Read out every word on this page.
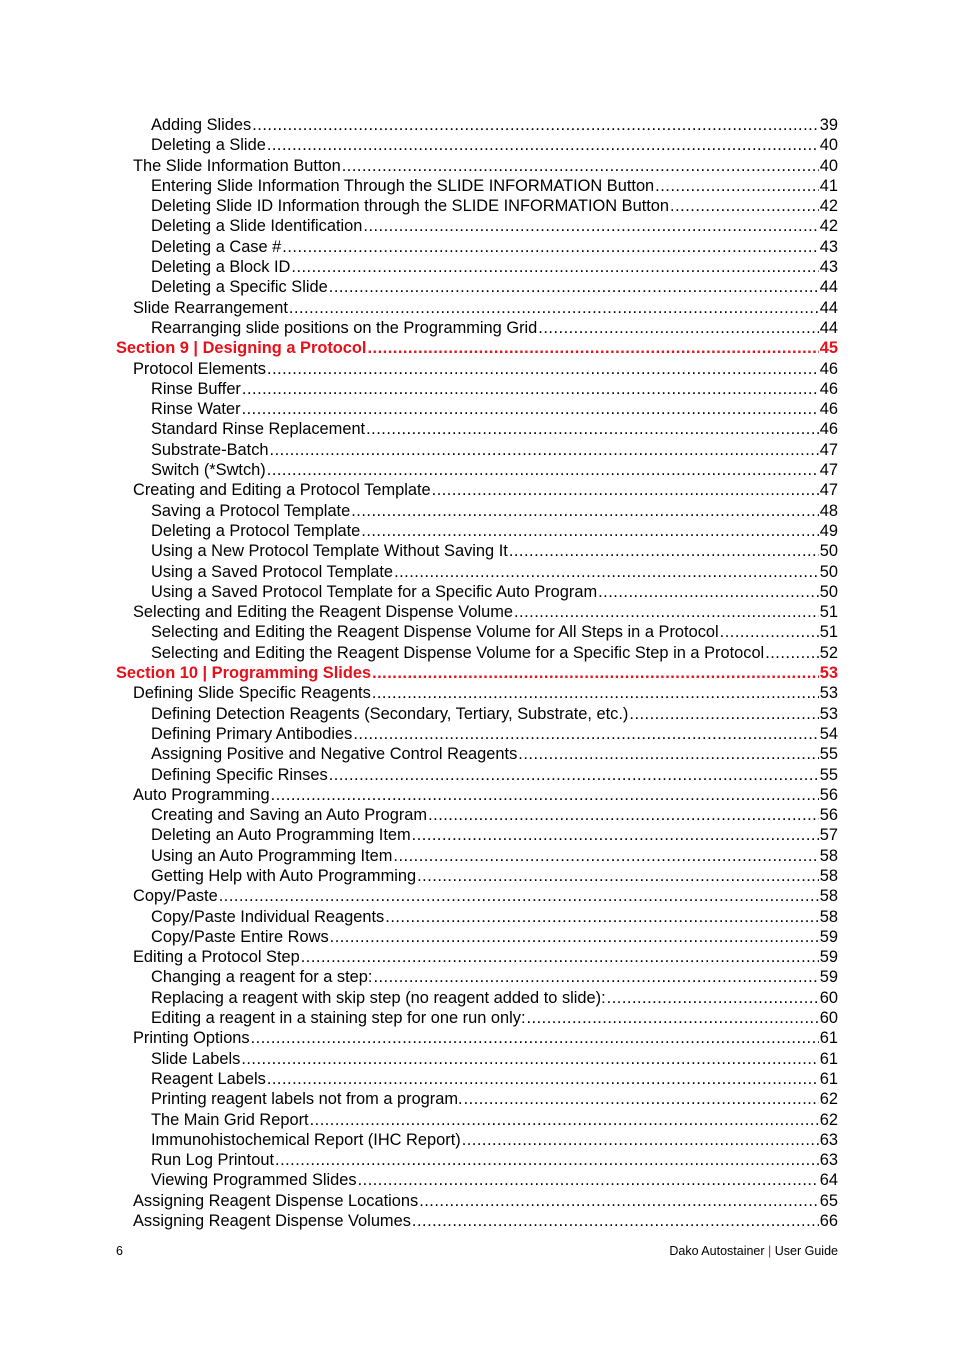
Adding Slides .....	39
Deleting a Slide .....	40
The Slide Information Button .....	40
Entering Slide Information Through the SLIDE INFORMATION Button .....	41
Deleting Slide ID Information through the SLIDE INFORMATION Button .....	42
Deleting a Slide Identification .....	42
Deleting a Case # .....	43
Deleting a Block ID .....	43
Deleting a Specific Slide .....	44
Slide Rearrangement .....	44
Rearranging slide positions on the Programming Grid .....	44
Section 9 | Designing a Protocol .....	45
Protocol Elements .....	46
Rinse Buffer .....	46
Rinse Water .....	46
Standard Rinse Replacement .....	46
Substrate-Batch .....	47
Switch (*Swtch) .....	47
Creating and Editing a Protocol Template .....	47
Saving a Protocol Template .....	48
Deleting a Protocol Template .....	49
Using a New Protocol Template Without Saving It .....	50
Using a Saved Protocol Template .....	50
Using a Saved Protocol Template for a Specific Auto Program .....	50
Selecting and Editing the Reagent Dispense Volume .....	51
Selecting and Editing the Reagent Dispense Volume for All Steps in a Protocol .....	51
Selecting and Editing the Reagent Dispense Volume for a Specific Step in a Protocol .....	52
Section 10 | Programming Slides .....	53
Defining Slide Specific Reagents .....	53
Defining Detection Reagents (Secondary, Tertiary, Substrate, etc.) .....	53
Defining Primary Antibodies .....	54
Assigning Positive and Negative Control Reagents .....	55
Defining Specific Rinses .....	55
Auto Programming .....	56
Creating and Saving an Auto Program .....	56
Deleting an Auto Programming Item .....	57
Using an Auto Programming Item .....	58
Getting Help with Auto Programming .....	58
Copy/Paste .....	58
Copy/Paste Individual Reagents .....	58
Copy/Paste Entire Rows .....	59
Editing a Protocol Step .....	59
Changing a reagent for a step: .....	59
Replacing a reagent with skip step (no reagent added to slide): .....	60
Editing a reagent in a staining step for one run only: .....	60
Printing Options .....	61
Slide Labels .....	61
Reagent Labels .....	61
Printing reagent labels not from a program. .....	62
The Main Grid Report .....	62
Immunohistochemical Report (IHC Report) .....	63
Run Log Printout .....	63
Viewing Programmed Slides .....	64
Assigning Reagent Dispense Locations .....	65
Assigning Reagent Dispense Volumes .....	66
6	Dako Autostainer | User Guide
